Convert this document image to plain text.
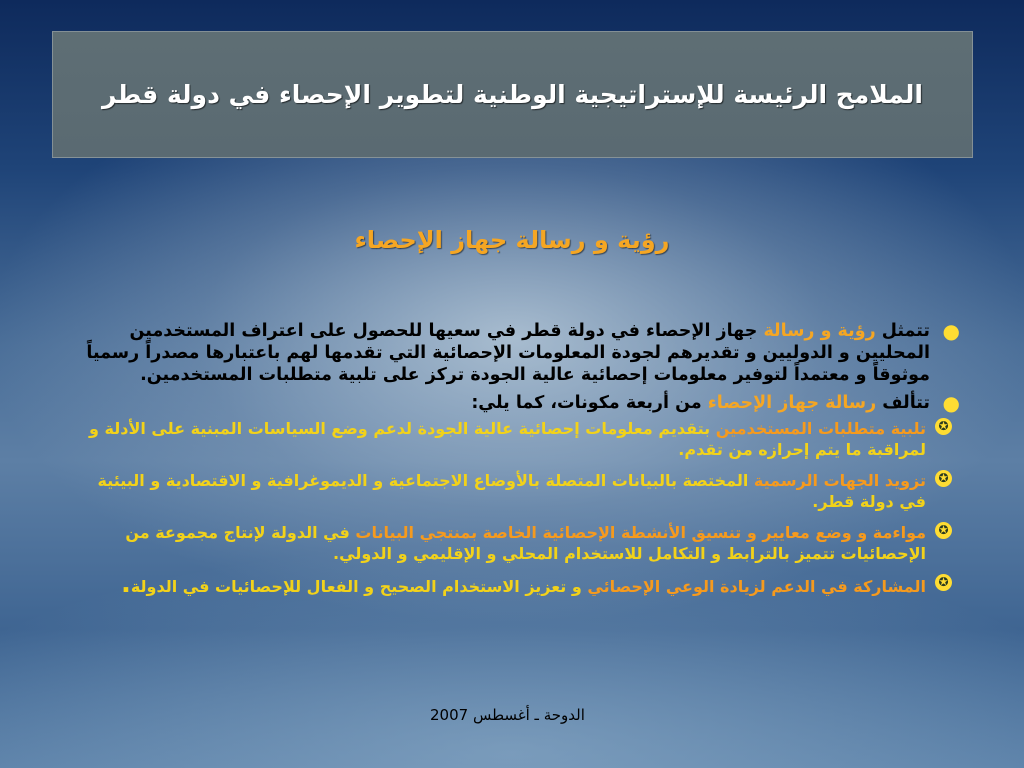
الملامح الرئيسة للإستراتيجية الوطنية لتطوير الإحصاء في دولة قطر
رؤية و رسالة جهاز الإحصاء
●
تتمثل رؤية و رسالة جهاز الإحصاء في دولة قطر في سعيها للحصول على اعتراف المستخدمين المحليين و الدوليين و تقديرهم لجودة المعلومات الإحصائية التي تقدمها لهم باعتبارها مصدراً رسمياً موثوقاً و معتمداً لتوفير معلومات إحصائية عالية الجودة تركز على تلبية متطلبات المستخدمين.
●
تتألف رسالة جهاز الإحصاء من أربعة مكونات، كما يلي:
✪
تلبية متطلبات المستخدمين بتقديم معلومات إحصائية عالية الجودة لدعم وضع السياسات المبنية على الأدلة و لمراقبة ما يتم إحرازه من تقدم.
✪
تزويد الجهات الرسمية المختصة بالبيانات المتصلة بالأوضاع الاجتماعية و الديموغرافية و الاقتصادية و البيئية في دولة قطر.
✪
مواءمة و وضع معايير و تنسيق الأنشطة الإحصائية الخاصة بمنتجي البيانات في الدولة لإنتاج مجموعة من الإحصائيات تتميز بالترابط و التكامل للاستخدام المحلي و الإقليمي و الدولي.
✪
المشاركة في الدعم لزيادة الوعي الإحصائي و تعزيز الاستخدام الصحيح و الفعال للإحصائيات في الدولة.
الدوحة ـ أغسطس 2007
